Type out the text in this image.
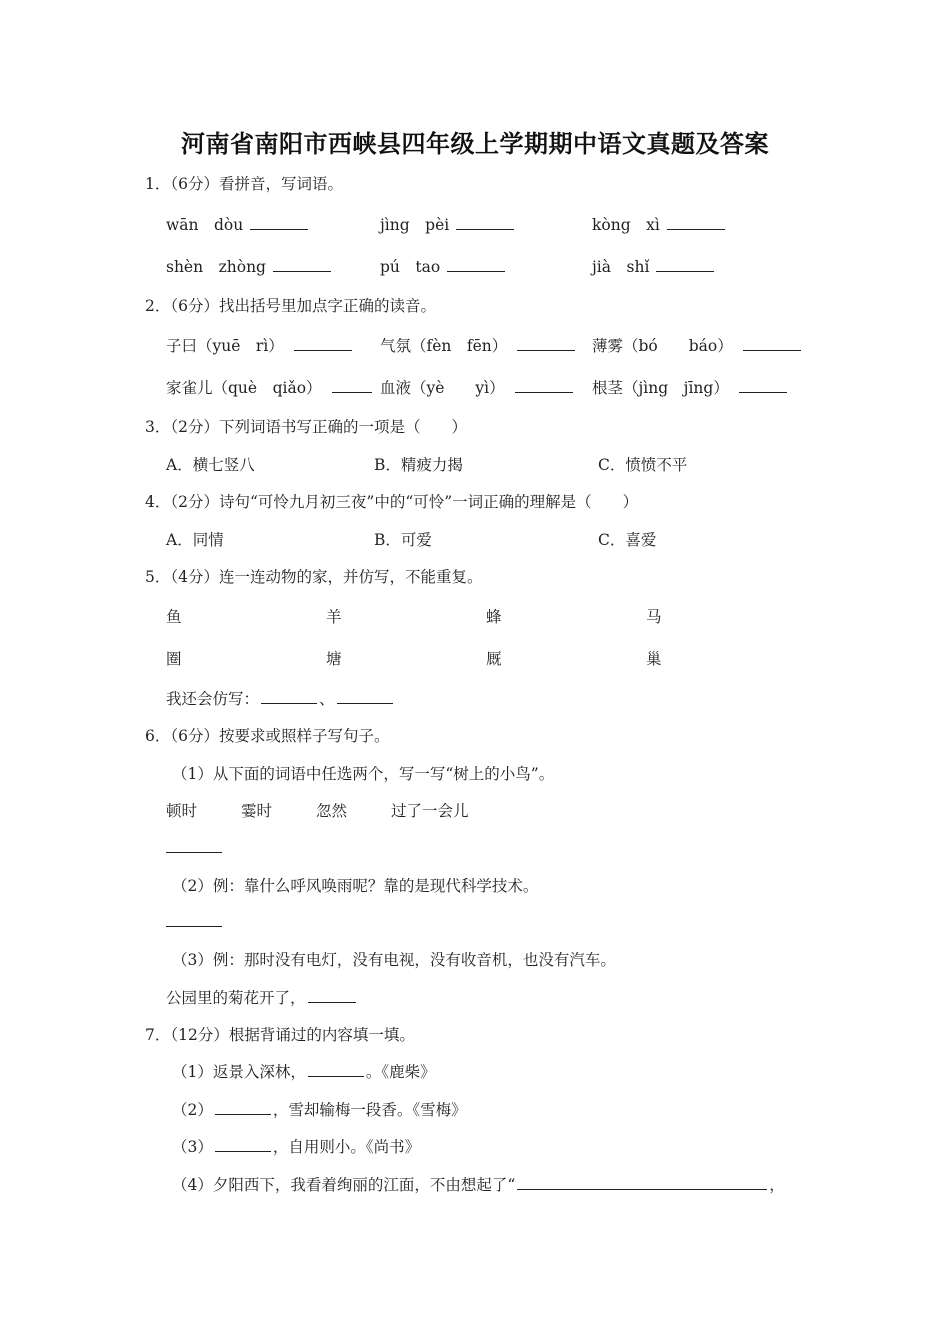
河南省南阳市西峡县四年级上学期期中语文真题及答案
1．（6分）看拼音，写词语。
wān　dòu	jìng　pèi	kòng　xì
shèn　zhòng	pú　tao	jià　shǐ
2．（6分）找出括号里加点字正确的读音。
子曰（yuē　rì）	气氛（fèn　fēn）	薄雾（bó　　báo）
家雀儿（què　qiǎo）	血液（yè　　yì）	根茎（jìng　jīng）
3．（2分）下列词语书写正确的一项是（　　）
A．横七竖八	B．精疲力揭	C．愤愤不平
4．（2分）诗句“可怜九月初三夜”中的“可怜”一词正确的理解是（　　）
A．同情	B．可爱	C．喜爱
5．（4分）连一连动物的家，并仿写，不能重复。
鱼	羊	蜂	马
圈	塘	厩	巢
我还会仿写：	、
6．（6分）按要求或照样子写句子。
（1）从下面的词语中任选两个，写一写“树上的小鸟”。
顿时	霎时	忽然	过了一会儿
（2）例：靠什么呼风唤雨呢？靠的是现代科学技术。
（3）例：那时没有电灯，没有电视，没有收音机，也没有汽车。
公园里的菊花开了，
7．（12分）根据背诵过的内容填一填。
（1）返景入深林，	。《鹿柴》
（2）	，雪却输梅一段香。《雪梅》
（3）	，自用则小。《尚书》
（4）夕阳西下，我看着绚丽的江面，不由想起了“	，
